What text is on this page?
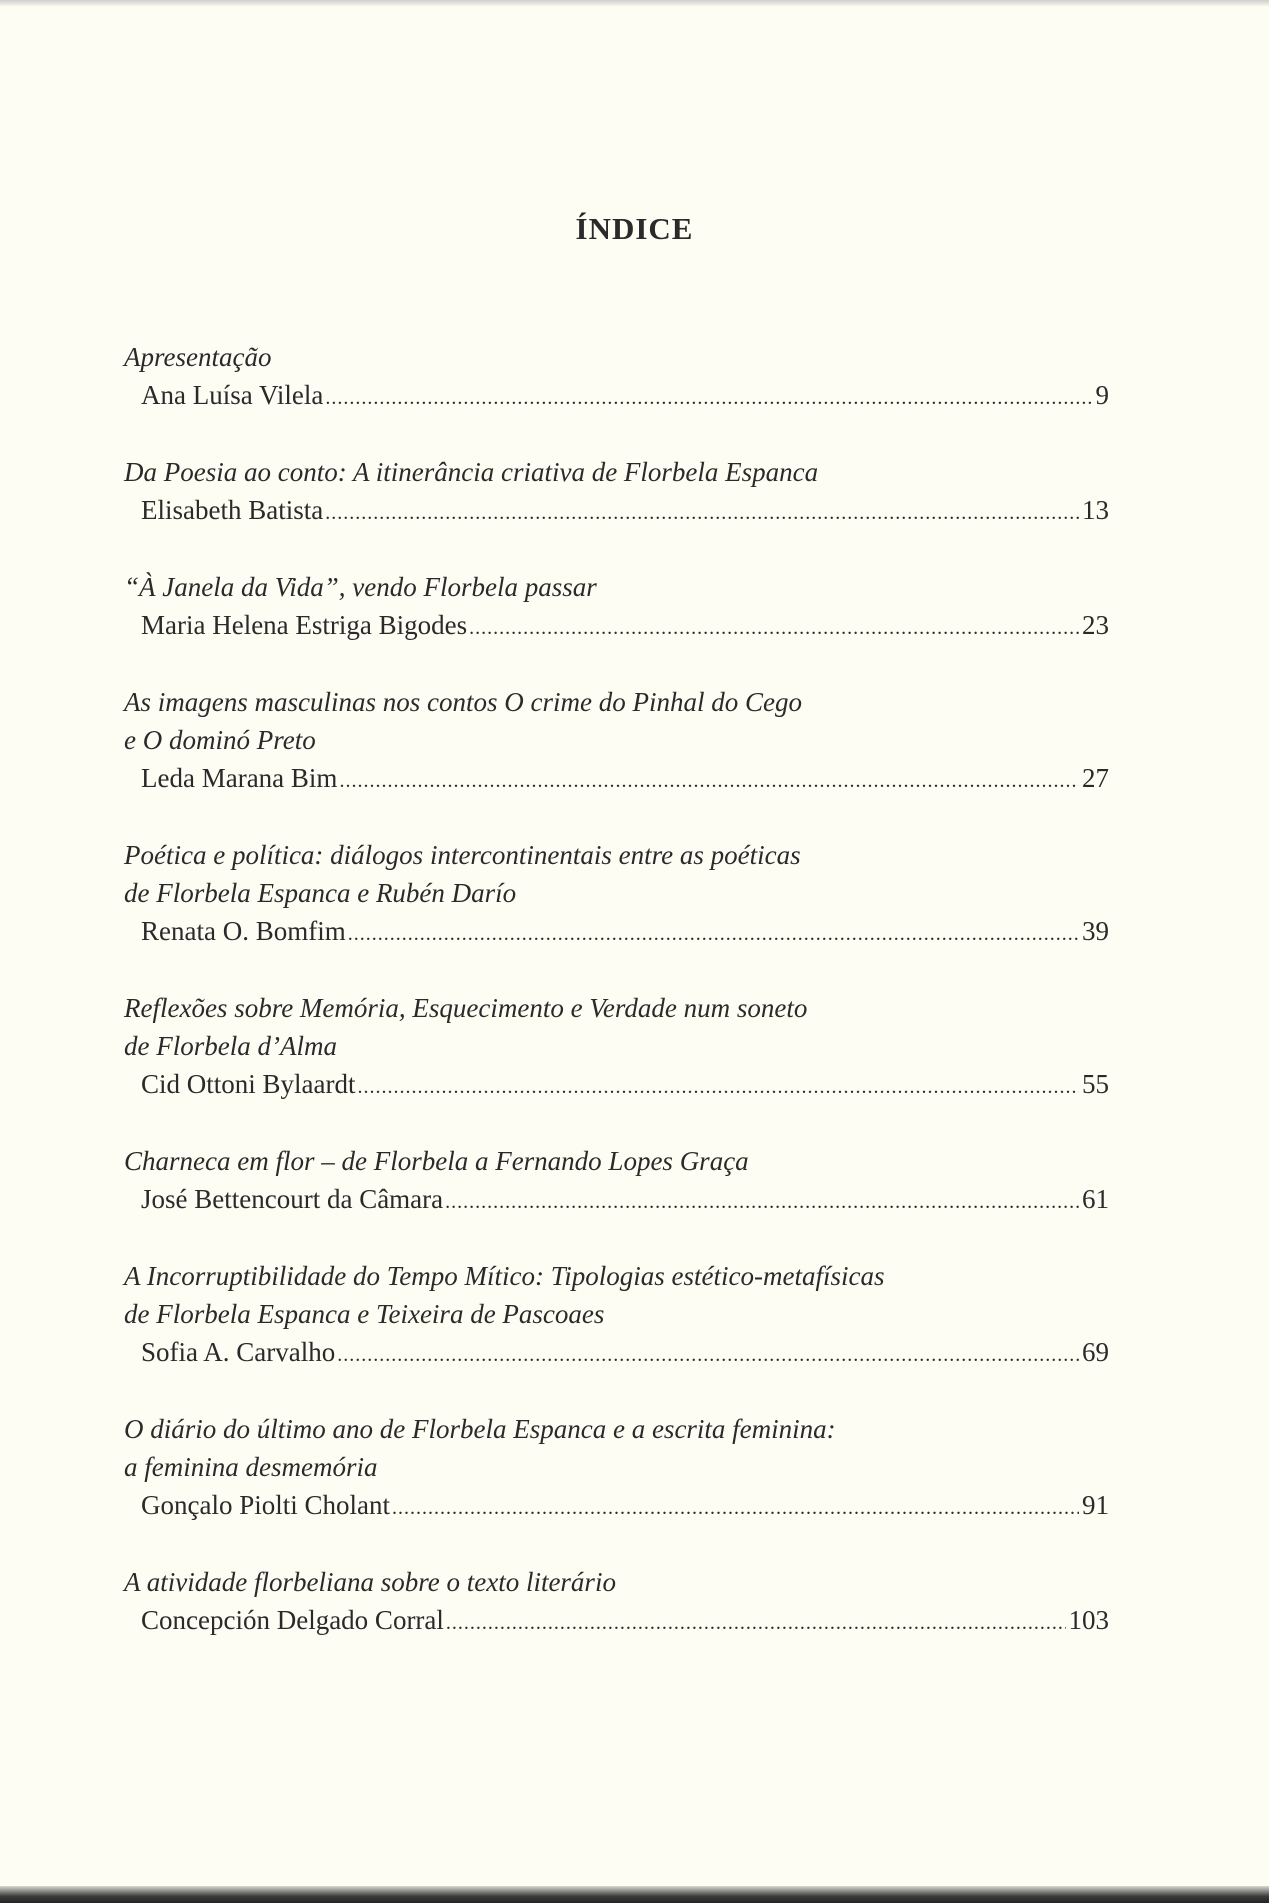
ÍNDICE
Apresentação
Ana Luísa Vilela .....	9
Da Poesia ao conto: A itinerância criativa de Florbela Espanca
Elisabeth Batista .....	13
“À Janela da Vida”, vendo Florbela passar
Maria Helena Estriga Bigodes .....	23
As imagens masculinas nos contos O crime do Pinhal do Cego
e O dominó Preto
Leda Marana Bim .....	27
Poética e política: diálogos intercontinentais entre as poéticas
de Florbela Espanca e Rubén Darío
Renata O. Bomfim .....	39
Reflexões sobre Memória, Esquecimento e Verdade num soneto
de Florbela d’Alma
Cid Ottoni Bylaardt .....	55
Charneca em flor – de Florbela a Fernando Lopes Graça
José Bettencourt da Câmara .....	61
A Incorruptibilidade do Tempo Mítico: Tipologias estético-metafísicas
de Florbela Espanca e Teixeira de Pascoaes
Sofia A. Carvalho .....	69
O diário do último ano de Florbela Espanca e a escrita feminina:
a feminina desmemória
Gonçalo Piolti Cholant .....	91
A atividade florbeliana sobre o texto literário
Concepción Delgado Corral .....	103
